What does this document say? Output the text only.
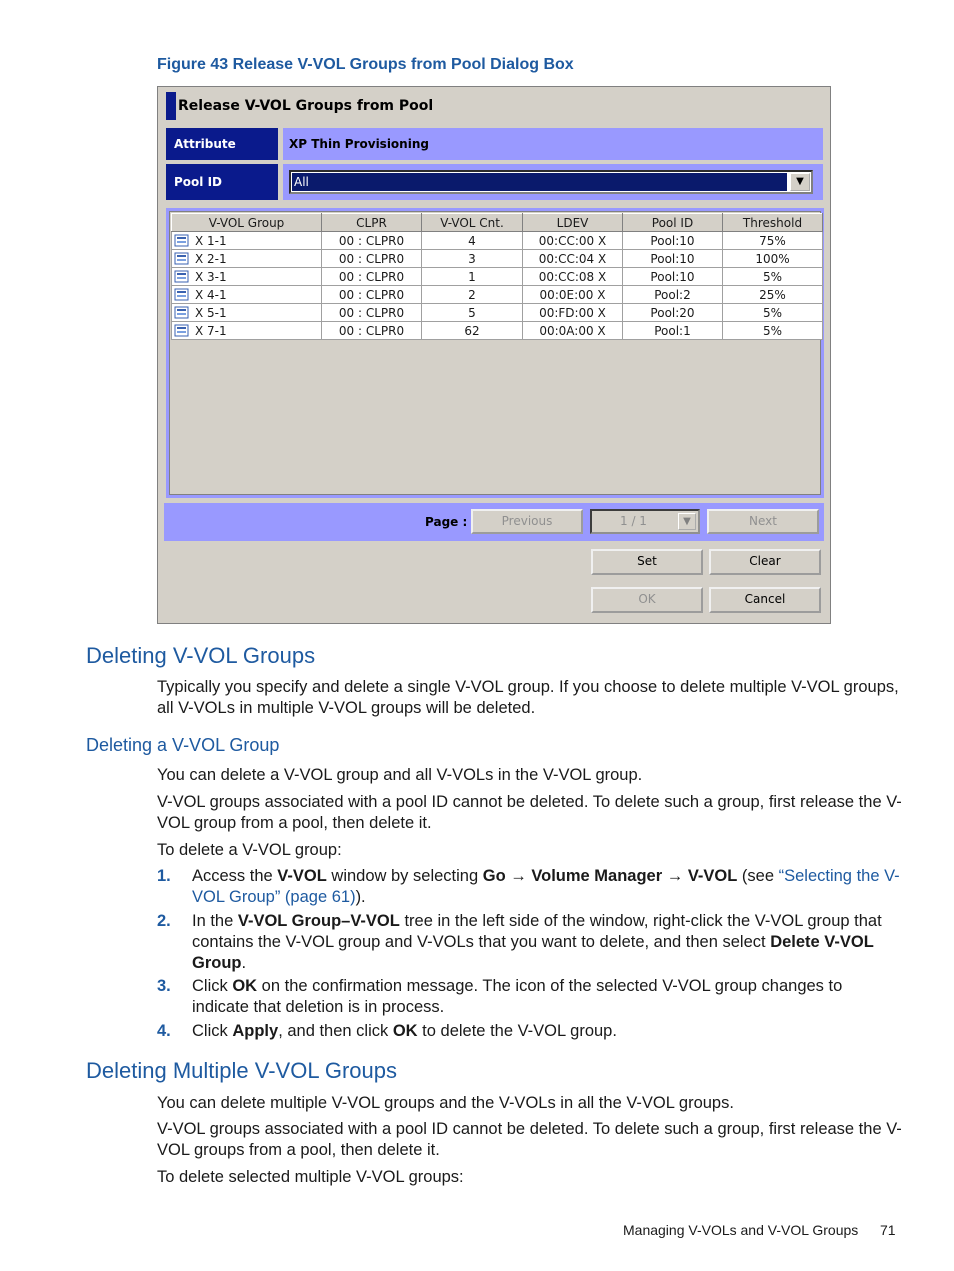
Figure 43 Release V-VOL Groups from Pool Dialog Box
Release V-VOL Groups from Pool
Attribute	XP Thin Provisioning
Pool ID	All	▼
V-VOL Group	CLPR	V-VOL Cnt.	LDEV	Pool ID	Threshold
X 1-1	00 : CLPR0	4	00:CC:00 X	Pool:10	75%
X 2-1	00 : CLPR0	3	00:CC:04 X	Pool:10	100%
X 3-1	00 : CLPR0	1	00:CC:08 X	Pool:10	5%
X 4-1	00 : CLPR0	2	00:0E:00 X	Pool:2	25%
X 5-1	00 : CLPR0	5	00:FD:00 X	Pool:20	5%
X 7-1	00 : CLPR0	62	00:0A:00 X	Pool:1	5%

Page :	Previous	1 / 1	▼	Next
Set	Clear
OK	Cancel
Deleting V-VOL Groups
Typically you specify and delete a single V-VOL group. If you choose to delete multiple V-VOL groups, all V-VOLs in multiple V-VOL groups will be deleted.
Deleting a V-VOL Group
You can delete a V-VOL group and all V-VOLs in the V-VOL group.
V-VOL groups associated with a pool ID cannot be deleted. To delete such a group, first release the V-VOL group from a pool, then delete it.
To delete a V-VOL group:
1. Access the V-VOL window by selecting Go → Volume Manager → V-VOL (see “Selecting the V-VOL Group” (page 61)).
2. In the V-VOL Group–V-VOL tree in the left side of the window, right-click the V-VOL group that contains the V-VOL group and V-VOLs that you want to delete, and then select Delete V-VOL Group.
3. Click OK on the confirmation message. The icon of the selected V-VOL group changes to indicate that deletion is in process.
4. Click Apply, and then click OK to delete the V-VOL group.
Deleting Multiple V-VOL Groups
You can delete multiple V-VOL groups and the V-VOLs in all the V-VOL groups.
V-VOL groups associated with a pool ID cannot be deleted. To delete such a group, first release the V-VOL groups from a pool, then delete it.
To delete selected multiple V-VOL groups:
Managing V-VOLs and V-VOL Groups 71
